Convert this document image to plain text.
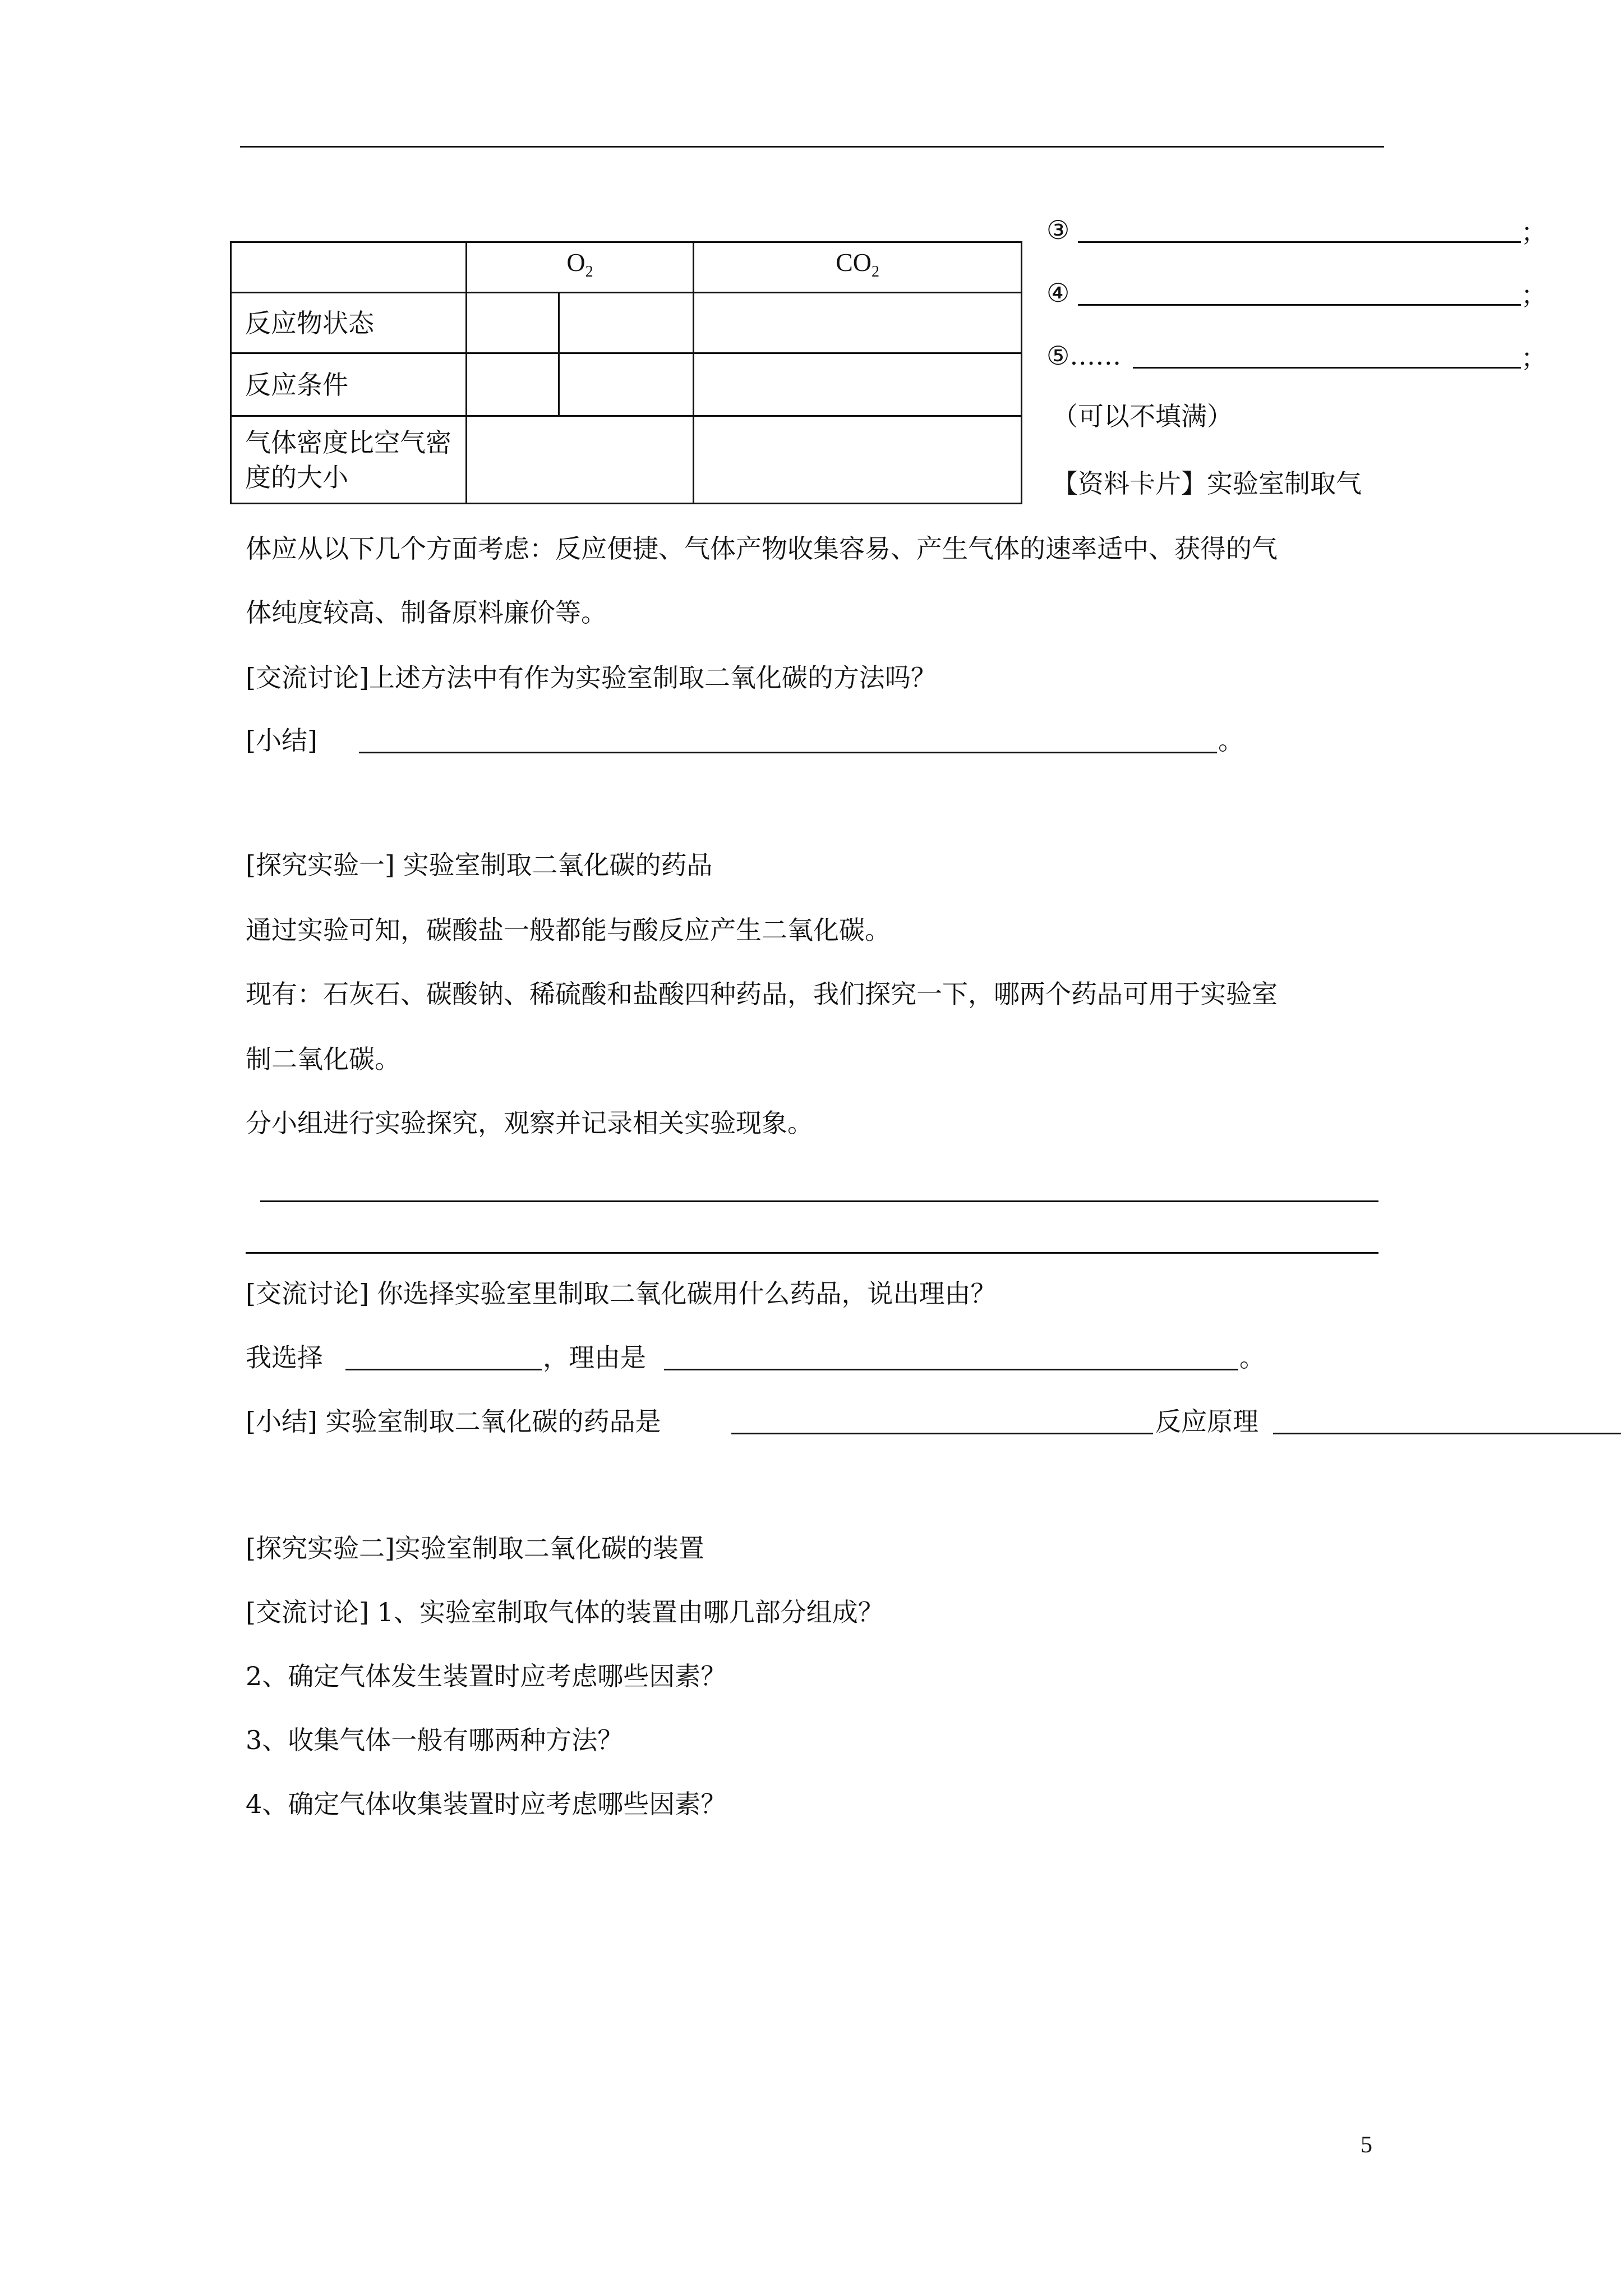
	$O_2$		$CO_2$
反应物状态			
反应条件			
气体密度比空气密度的大小			
③	；
④	；
⑤……	；
（可以不填满）
【资料卡片】实验室制取气
体应从以下几个方面考虑：反应便捷、气体产物收集容易、产生气体的速率适中、获得的气
体纯度较高、制备原料廉价等。
[交流讨论]上述方法中有作为实验室制取二氧化碳的方法吗？
[小结]	。
[探究实验一] 实验室制取二氧化碳的药品
通过实验可知，碳酸盐一般都能与酸反应产生二氧化碳。
现有：石灰石、碳酸钠、稀硫酸和盐酸四种药品，我们探究一下，哪两个药品可用于实验室
制二氧化碳。
分小组进行实验探究，观察并记录相关实验现象。
[交流讨论] 你选择实验室里制取二氧化碳用什么药品，说出理由？
我选择	，理由是	。
[小结] 实验室制取二氧化碳的药品是	反应原理
[探究实验二]实验室制取二氧化碳的装置
[交流讨论] 1、实验室制取气体的装置由哪几部分组成？
2、确定气体发生装置时应考虑哪些因素？
3、收集气体一般有哪两种方法？
4、确定气体收集装置时应考虑哪些因素？
5
